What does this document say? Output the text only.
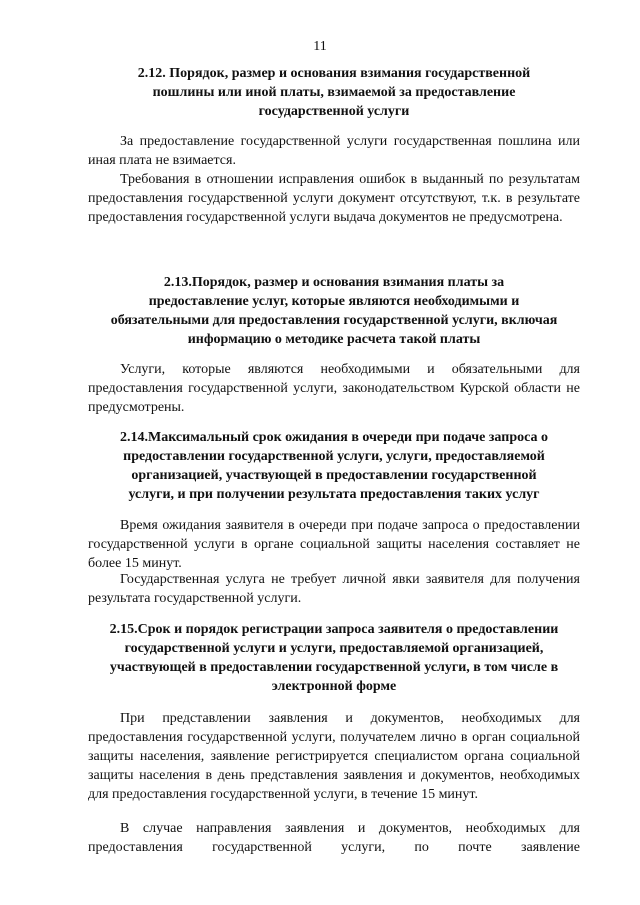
11
2.12. Порядок, размер и основания взимания государственной
пошлины или иной платы, взимаемой за предоставление
государственной услуги
За предоставление государственной услуги государственная пошлина или иная плата не взимается.
Требования в отношении исправления ошибок в выданный по результатам предоставления государственной услуги документ отсутствуют, т.к. в результате предоставления государственной услуги выдача документов не предусмотрена.
2.13.Порядок, размер и основания взимания платы за
предоставление услуг, которые являются необходимыми и
обязательными для предоставления государственной услуги, включая
информацию о методике расчета такой платы
Услуги, которые являются необходимыми и обязательными для предоставления государственной услуги, законодательством Курской области не предусмотрены.
2.14.Максимальный срок ожидания в очереди при подаче запроса о
предоставлении государственной услуги, услуги, предоставляемой
организацией, участвующей в предоставлении государственной
услуги, и при получении результата предоставления таких услуг
Время ожидания заявителя в очереди при подаче запроса о предоставлении государственной услуги в органе социальной защиты населения составляет не более 15 минут.
Государственная услуга не требует личной явки заявителя для получения результата государственной услуги.
2.15.Срок и порядок регистрации запроса заявителя о предоставлении
государственной услуги и услуги, предоставляемой организацией,
участвующей в предоставлении государственной услуги, в том числе в
электронной форме
При представлении заявления и документов, необходимых для предоставления государственной услуги, получателем лично в орган социальной защиты населения, заявление регистрируется специалистом органа социальной защиты населения в день представления заявления и документов, необходимых для предоставления государственной услуги, в течение 15 минут.
В случае направления заявления и документов, необходимых для предоставления государственной услуги, по почте заявление
